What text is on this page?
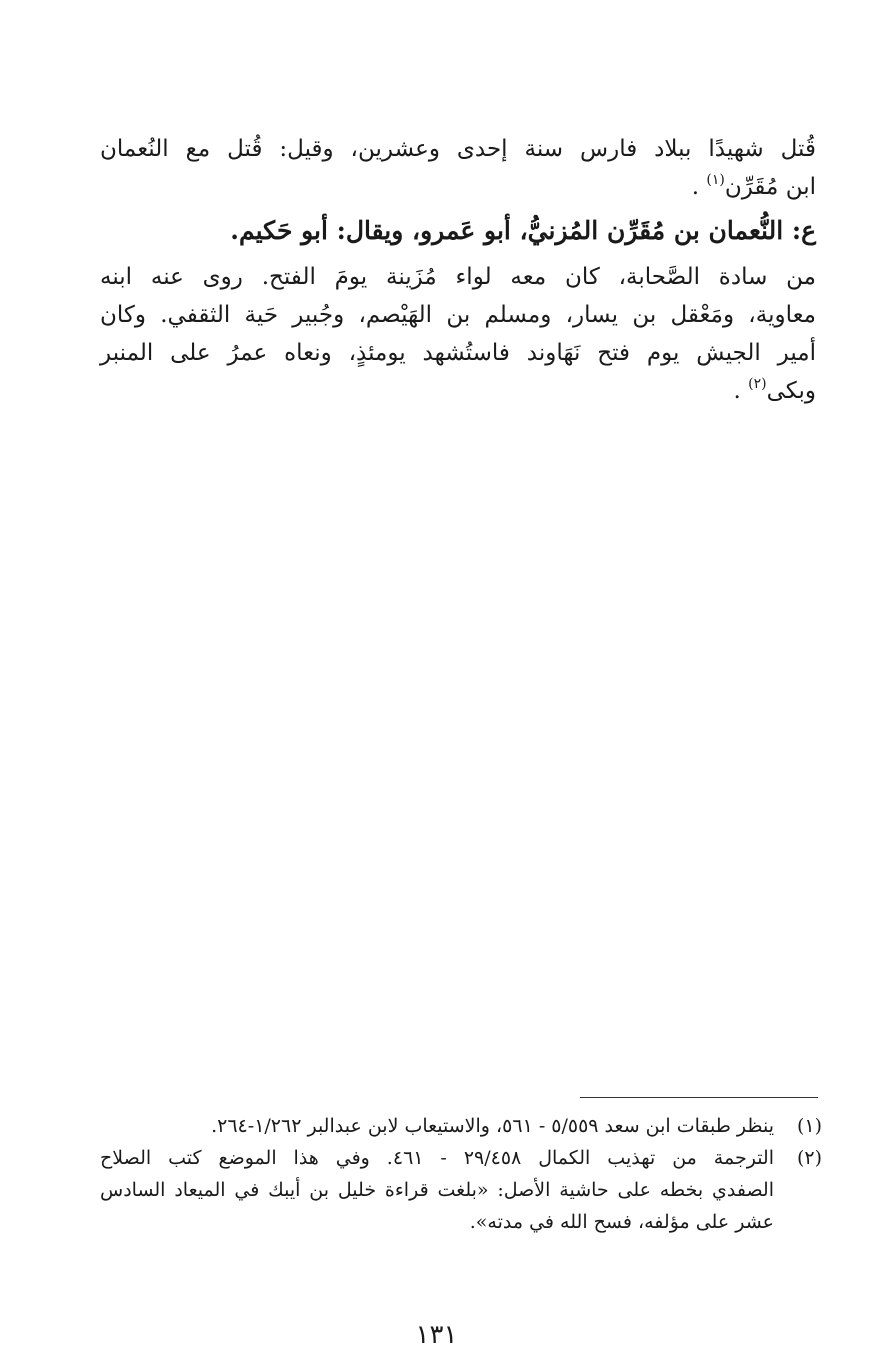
قُتل شهيدًا ببلاد فارس سنة إحدى وعشرين، وقيل: قُتل مع النُعمان
ابن مُقَرِّن$^{(١)}$ .
ع: النُّعمان بن مُقَرِّن المُزنيُّ، أبو عَمرو، ويقال: أبو حَكيم.
من سادة الصَّحابة، كان معه لواء مُزَينة يومَ الفتح. روى عنه ابنه
معاوية، ومَعْقل بن يسار، ومسلم بن الهَيْصم، وجُبير حَية الثقفي. وكان
أمير الجيش يوم فتح نَهَاوند فاستُشهد يومئذٍ، ونعاه عمرُ على المنبر
وبكى$^{(٢)}$ .
(١)
ينظر طبقات ابن سعد ٥/٥٥٩ - ٥٦١، والاستيعاب لابن عبدالبر ١/٢٦٢-٢٦٤.
(٢)
الترجمة من تهذيب الكمال ٢٩/٤٥٨ - ٤٦١. وفي هذا الموضع كتب الصلاح
الصفدي بخطه على حاشية الأصل: «بلغت قراءة خليل بن أيبك في الميعاد السادس
عشر على مؤلفه، فسح الله في مدته».
١٣١
